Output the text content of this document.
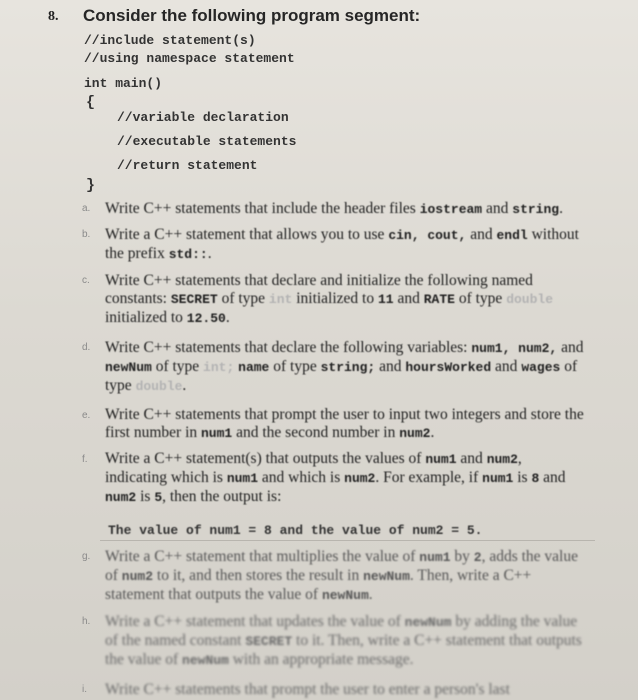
8. Consider the following program segment:
//include statement(s)
//using namespace statement
int main()
{
//variable declaration
//executable statements
//return statement
}
a. Write C++ statements that include the header files iostream and string.
b. Write a C++ statement that allows you to use cin, cout, and endl without the prefix std::.
c. Write C++ statements that declare and initialize the following named constants: SECRET of type int initialized to 11 and RATE of type double initialized to 12.50.
d. Write C++ statements that declare the following variables: num1, num2, and newNum of type int; name of type string; and hoursWorked and wages of type double.
e. Write C++ statements that prompt the user to input two integers and store the first number in num1 and the second number in num2.
f. Write a C++ statement(s) that outputs the values of num1 and num2, indicating which is num1 and which is num2. For example, if num1 is 8 and num2 is 5, then the output is:
The value of num1 = 8 and the value of num2 = 5.
g. Write a C++ statement that multiplies the value of num1 by 2, adds the value of num2 to it, and then stores the result in newNum. Then, write a C++ statement that outputs the value of newNum.
h. Write a C++ statement that updates the value of newNum by adding the value of the named constant SECRET to it. Then, write a C++ statement that outputs the value of newNum with an appropriate message.
i. Write C++ statements that prompt the user to enter a person's last
